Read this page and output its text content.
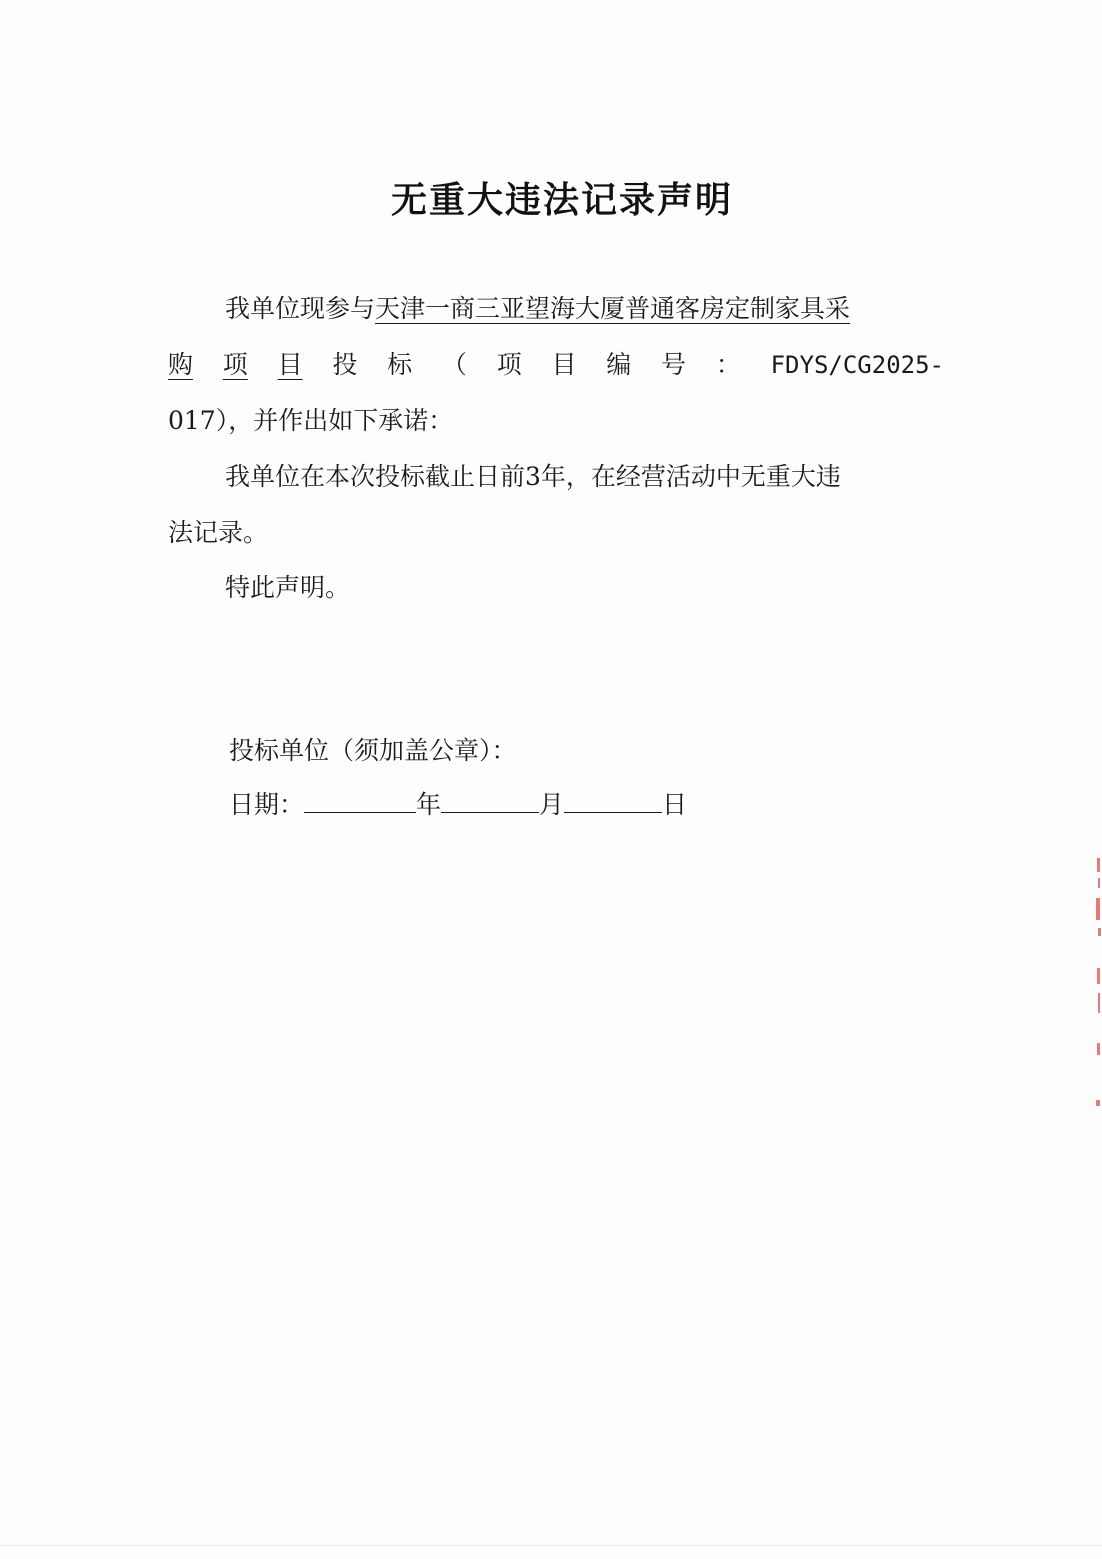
无重大违法记录声明
我单位现参与天津一商三亚望海大厦普通客房定制家具采
购 项 目 投 标 （ 项 目 编 号 ： FDYS/CG2025-
017），并作出如下承诺：
我单位在本次投标截止日前3年，在经营活动中无重大违
法记录。
特此声明。
投标单位（须加盖公章）：
日期：	年	月	日
